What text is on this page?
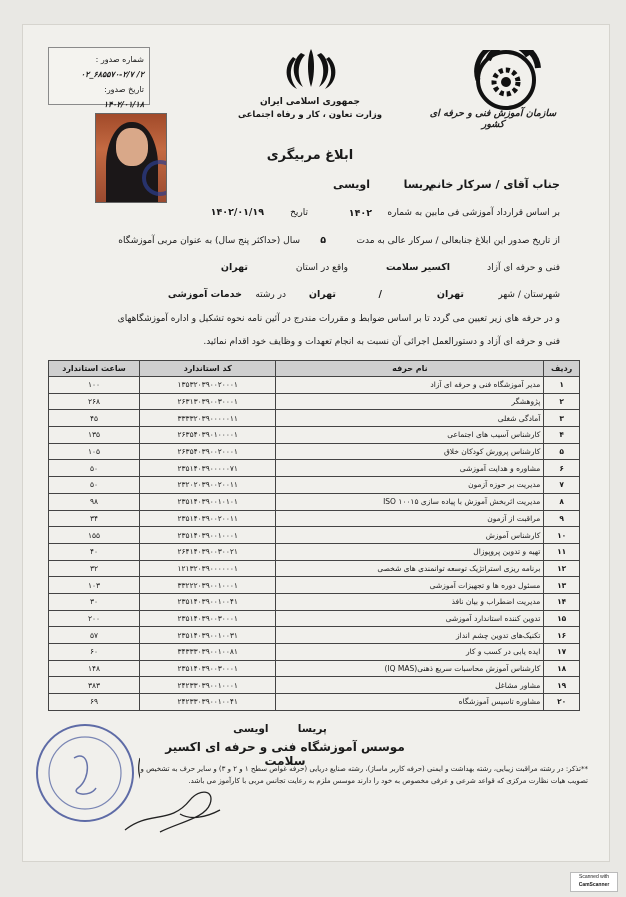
شماره صدور :
۲/ ۶۸۵۵۷۰-۲/۷_۰۲
تاریخ صدور:
۱۴۰۲/۰۱/۱۸	جمهوری اسلامی ایران
وزارت تعاون ، کار و رفاه اجتماعی	سازمان آموزش فنی و حرفه ای کشور
ابلاغ مربیگری
جناب آقای / سرکار خانم
پریسا
اویسی
بر اساس قرارداد آموزشی فی مابین به شماره
۱۴۰۲
تاریخ
۱۴۰۲/۰۱/۱۹
از تاریخ صدور این ابلاغ جنابعالی / سرکار عالی به مدت
۵
سال (حداکثر پنج سال) به عنوان مربی آموزشگاه
فنی و حرفه ای آزاد
اکسیر سلامت
واقع در استان
تهران
شهرستان / شهر
تهران
/
تهران
در رشته
خدمات آموزشی
و در حرفه های زیر تعیین می گردد تا بر اساس ضوابط و مقررات مندرج در آئین نامه نحوه تشکیل و اداره آموزشگاههای
فنی و حرفه ای آزاد و دستورالعمل اجرائی آن نسبت به انجام تعهدات و وظایف خود اقدام نمائید.
ردیف	نام حرفه	کد استاندارد	ساعت استاندارد
۱	مدیر آموزشگاه فنی و حرفه ای آزاد	۱۳۵۳۲۰۳۹۰۰۲۰۰۰۱	۱۰۰
۲	پژوهشگر	۲۶۳۱۳۰۳۹۰۰۳۰۰۰۱	۲۶۸
۳	آمادگی شغلی	۳۳۳۳۲۰۳۹۰۰۰۰۰۱۱	۴۵
۴	کارشناس آسیب های اجتماعی	۲۶۳۵۴۰۳۹۰۱۰۰۰۰۱	۱۳۵
۵	کارشناس پرورش کودکان خلاق	۲۶۳۵۴۰۳۹۰۰۲۰۰۰۱	۱۰۵
۶	مشاوره و هدایت آموزشی	۲۳۵۱۴۰۳۹۰۰۰۰۰۷۱	۵۰
۷	مدیریت بر حوزه آزمون	۲۳۲۰۲۰۳۹۰۰۲۰۰۱۱	۵۰
۸	مدیریت اثربخش آموزش با پیاده سازی ISO ۱۰۰۱۵	۲۳۵۱۴۰۳۹۰۰۱۰۱۰۱	۹۸
۹	مراقبت از آزمون	۲۳۵۱۴۰۳۹۰۰۲۰۰۱۱	۳۴
۱۰	کارشناس آموزش	۲۳۵۱۴۰۳۹۰۰۱۰۰۰۱	۱۵۵
۱۱	تهیه و تدوین پروپوزال	۲۶۴۱۴۰۳۹۰۰۳۰۰۲۱	۴۰
۱۲	برنامه ریزی استراتژیک توسعه توانمندی های شخصی	۱۲۱۳۲۰۳۹۰۰۰۰۰۰۱	۳۲
۱۳	مسئول دوره ها و تجهیزات آموزشی	۳۳۲۲۲۰۳۹۰۰۱۰۰۰۱	۱۰۳
۱۴	مدیریت اضطراب و بیان نافذ	۲۳۵۱۴۰۳۹۰۰۱۰۰۴۱	۳۰
۱۵	تدوین کننده استاندارد آموزشی	۲۳۵۱۴۰۳۹۰۰۳۰۰۰۱	۲۰۰
۱۶	تکنیک‌های تدوین چشم انداز	۲۳۵۱۴۰۳۹۰۰۱۰۰۳۱	۵۷
۱۷	ایده یابی در کسب و کار	۳۴۳۳۳۰۳۹۰۰۱۰۰۸۱	۶۰
۱۸	کارشناس آموزش محاسبات سریع ذهنی(IQ MAS)	۲۳۵۱۴۰۳۹۰۰۳۰۰۰۱	۱۴۸
۱۹	مشاور مشاغل	۲۴۲۳۳۰۳۹۰۰۱۰۰۰۱	۳۸۳
۲۰	مشاوره تاسیس آموزشگاه	۲۴۲۳۳۰۳۹۰۰۱۰۰۴۱	۶۹
پریسا        اویسی
موسس آموزشگاه فنی و حرفه ای اکسیر سلامت
**تذکر: در رشته مراقبت زیبایی، رشته بهداشت و ایمنی (حرفه کاربر ماساژ)، رشته صنایع دریایی (حرفه غواص سطح ۱ و ۲ و ۳) و سایر حرف به تشخیص و تصویب هیات نظارت مرکزی که قواعد شرعی و عرفی مخصوص به خود را دارند موسس ملزم به رعایت تجانس مربی با کارآموز می باشد.
Scanned with
CamScanner
